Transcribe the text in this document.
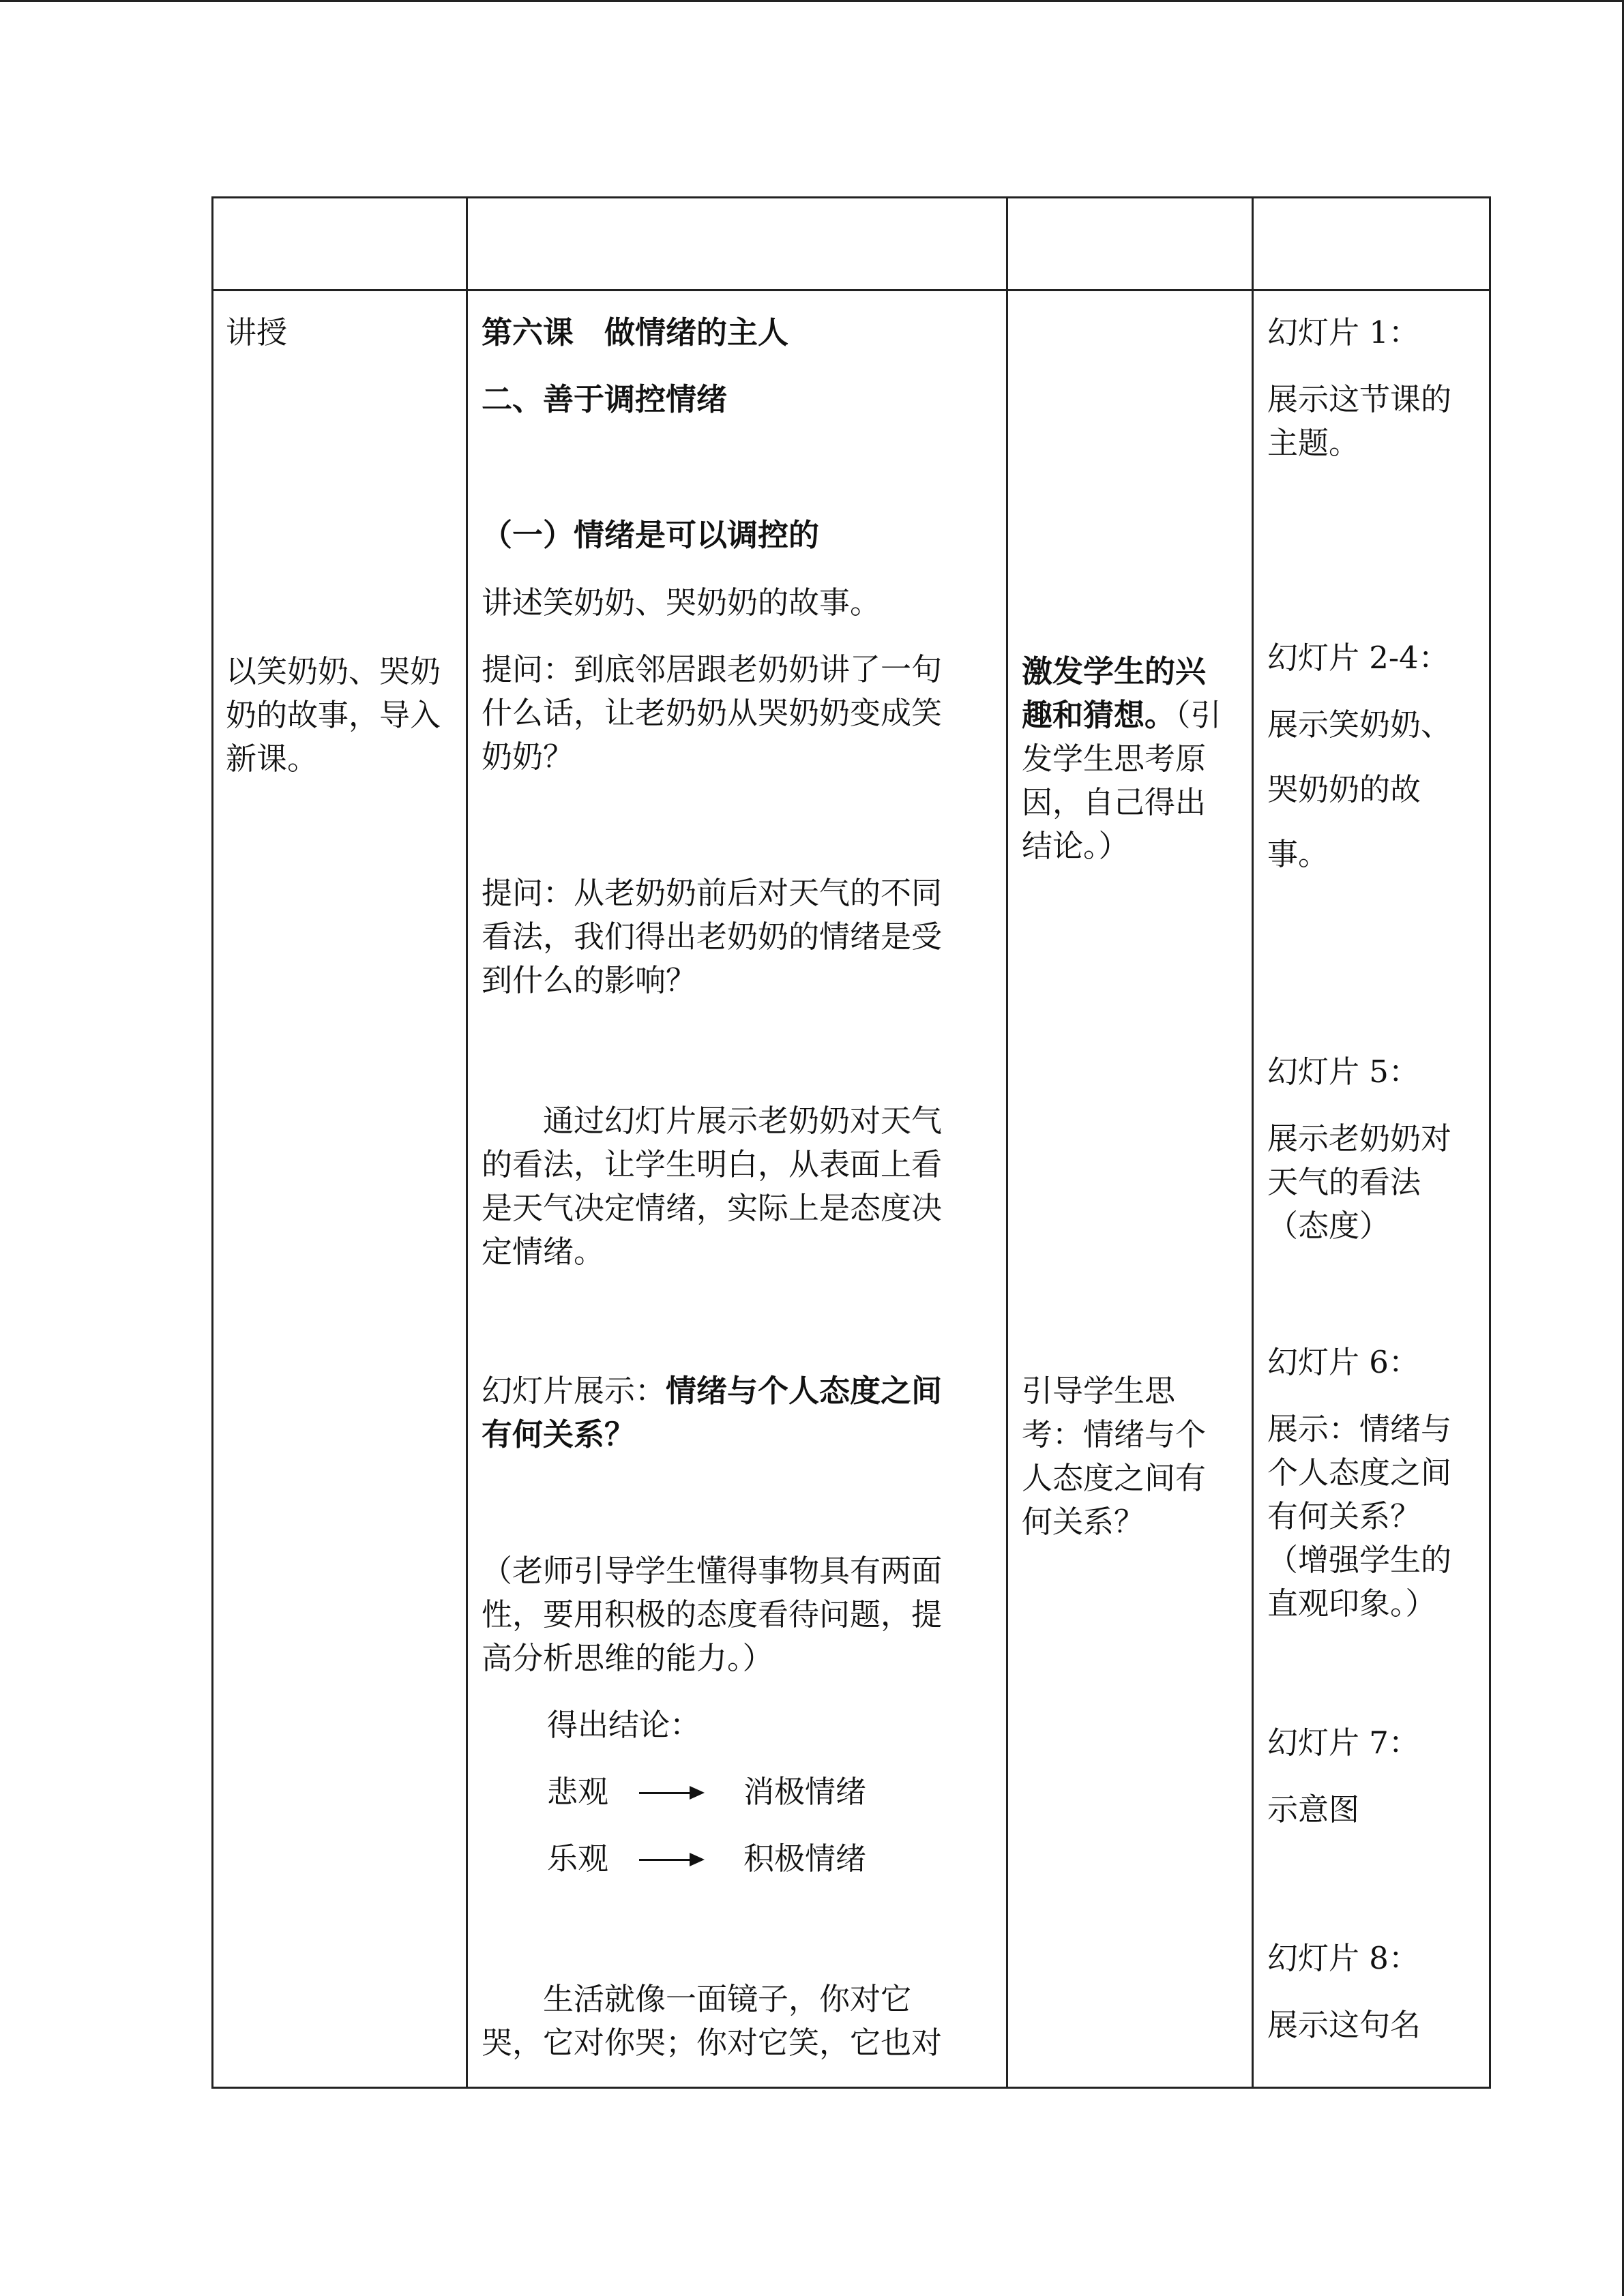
讲授
以笑奶奶、哭奶
奶的故事，导入
新课。
第六课　做情绪的主人
二、善于调控情绪
（一）情绪是可以调控的
讲述笑奶奶、哭奶奶的故事。
提问：到底邻居跟老奶奶讲了一句
什么话，让老奶奶从哭奶奶变成笑
奶奶？
提问：从老奶奶前后对天气的不同
看法，我们得出老奶奶的情绪是受
到什么的影响？
　　通过幻灯片展示老奶奶对天气
的看法，让学生明白，从表面上看
是天气决定情绪，实际上是态度决
定情绪。
幻灯片展示：情绪与个人态度之间
有何关系？
（老师引导学生懂得事物具有两面
性，要用积极的态度看待问题，提
高分析思维的能力。）
得出结论：
悲观	消极情绪
乐观	积极情绪
　　生活就像一面镜子，你对它
哭，它对你哭；你对它笑，它也对
激发学生的兴
趣和猜想。（引
发学生思考原
因，自己得出
结论。）
引导学生思
考：情绪与个
人态度之间有
何关系？
幻灯片 1：
展示这节课的
主题。
幻灯片 2-4：
展示笑奶奶、
哭奶奶的故
事。
幻灯片 5：
展示老奶奶对
天气的看法
（态度）
幻灯片 6：
展示：情绪与
个人态度之间
有何关系？
（增强学生的
直观印象。）
幻灯片 7：
示意图
幻灯片 8：
展示这句名
